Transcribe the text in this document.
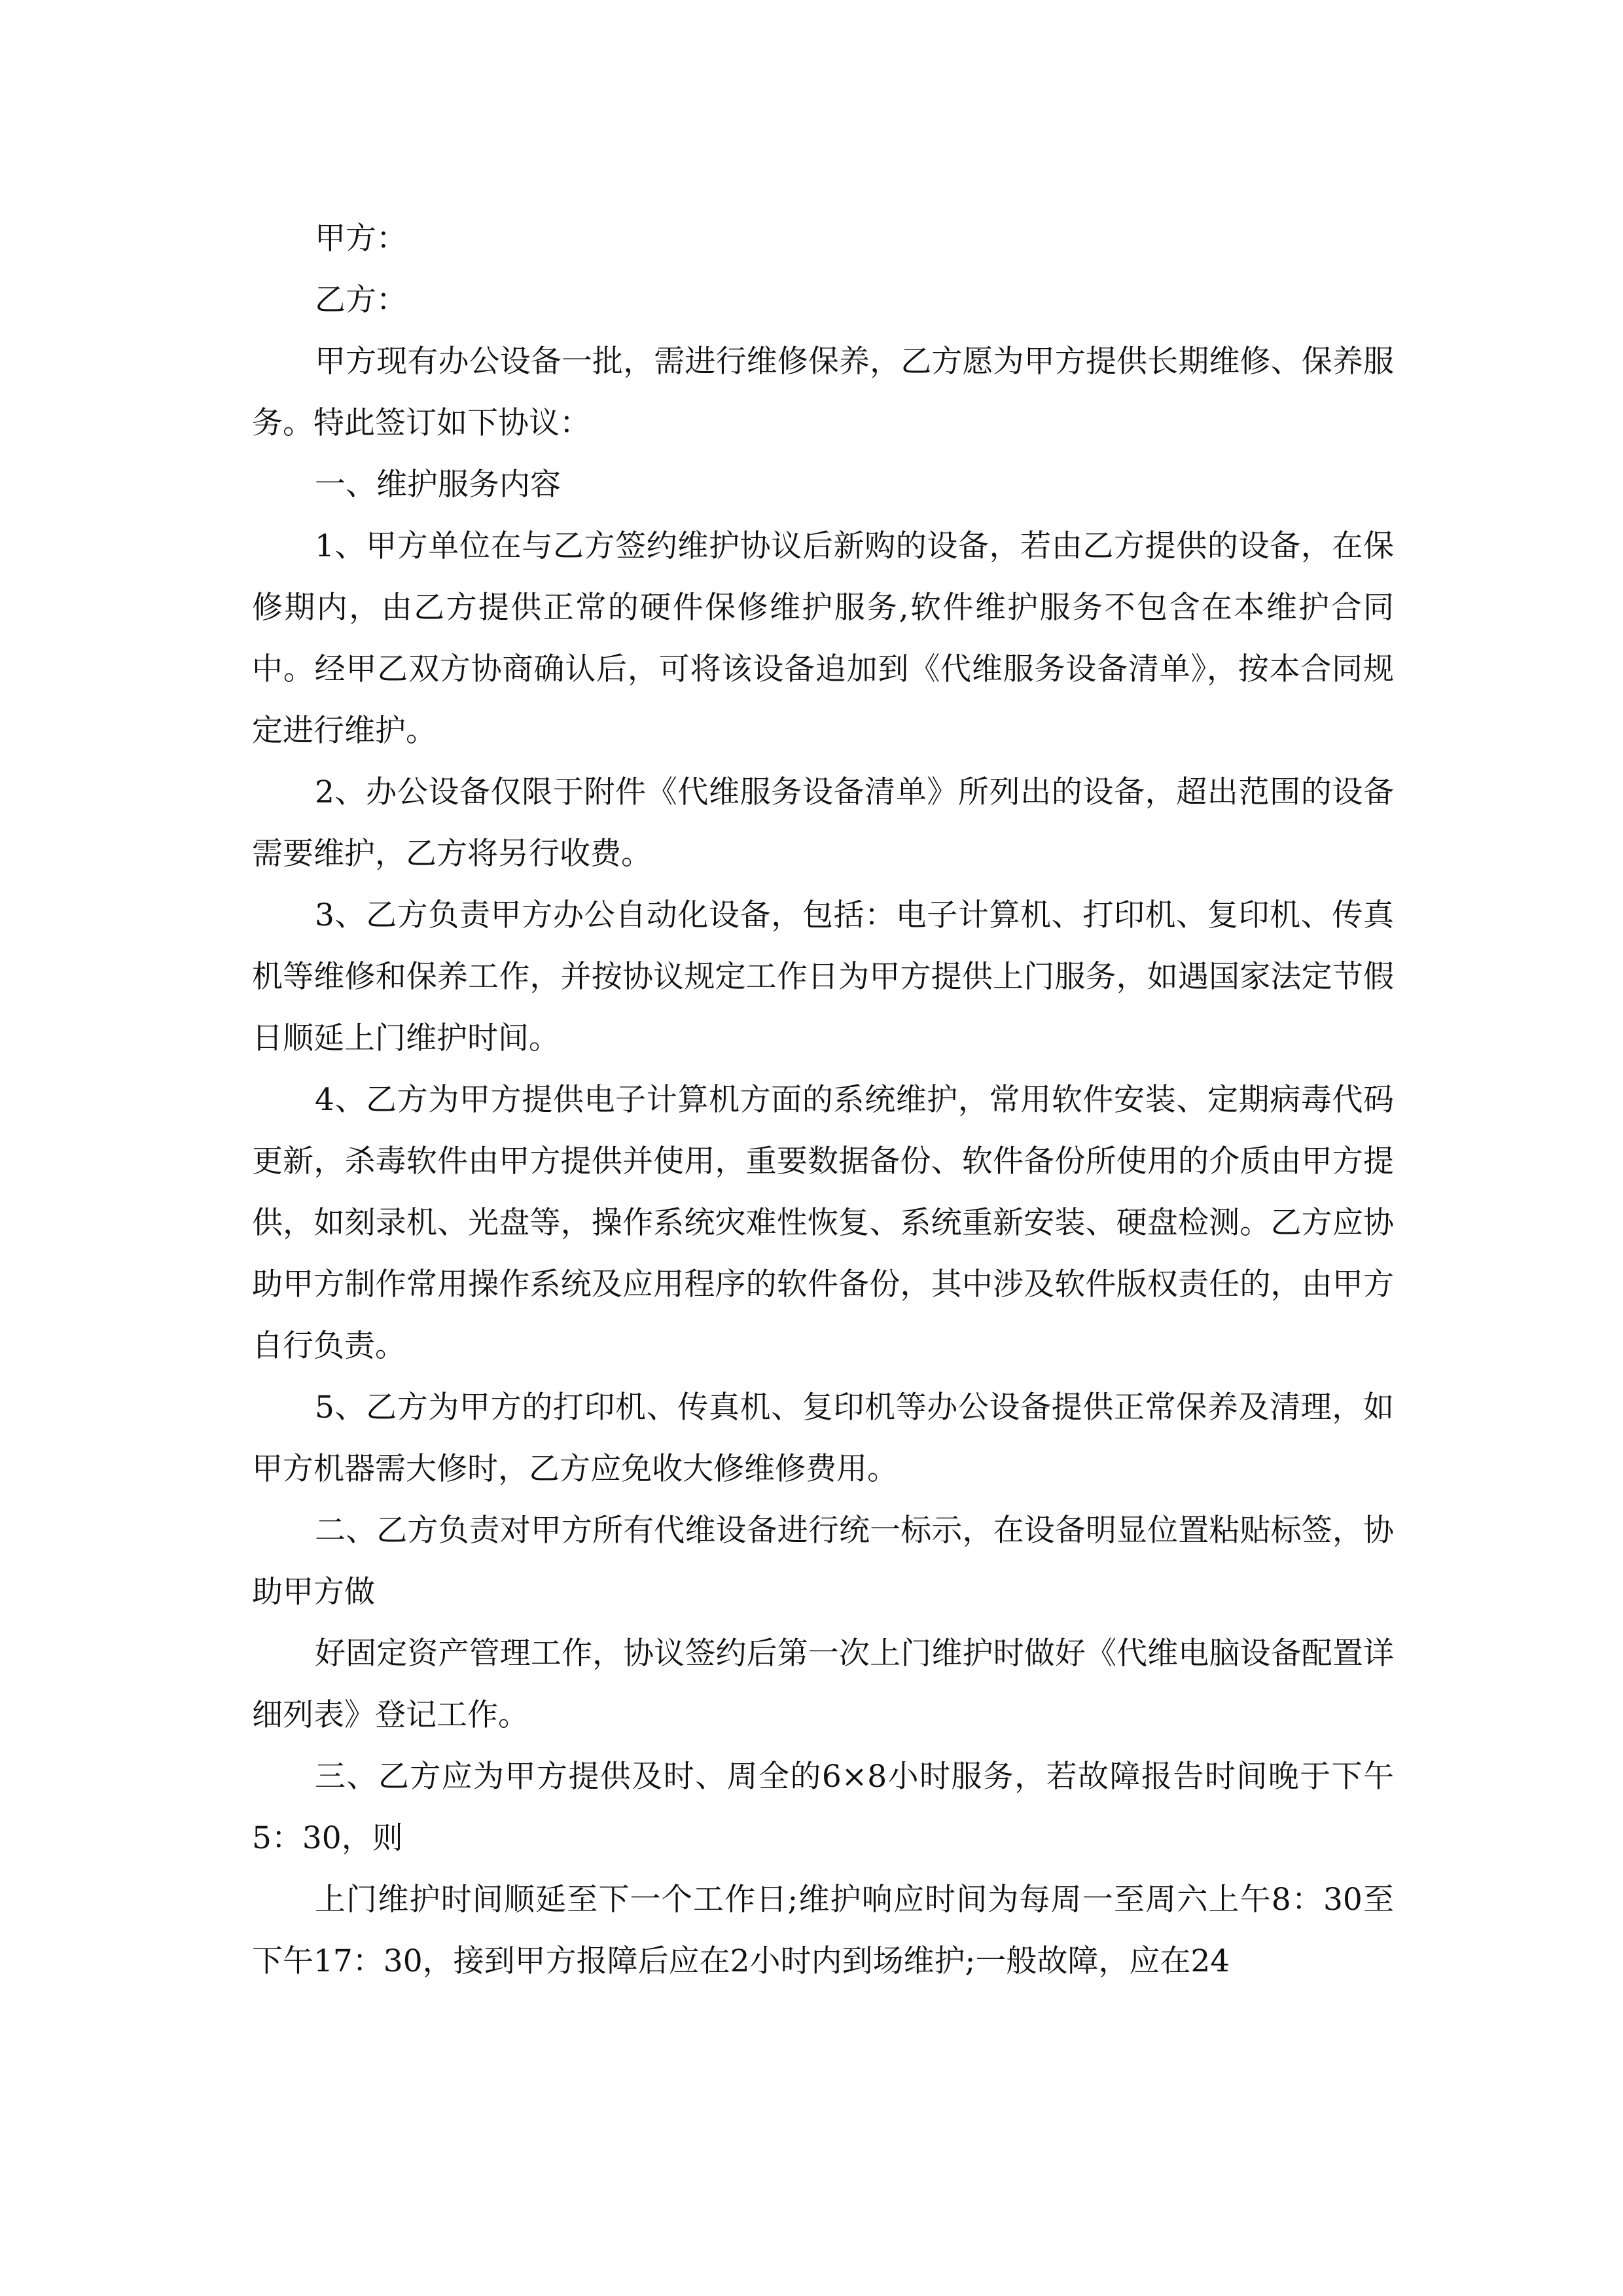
甲方：

乙方：

甲方现有办公设备一批，需进行维修保养，乙方愿为甲方提供长期维修、保养服务。特此签订如下协议：

一、维护服务内容

1、甲方单位在与乙方签约维护协议后新购的设备，若由乙方提供的设备，在保修期内，由乙方提供正常的硬件保修维护服务,软件维护服务不包含在本维护合同中。经甲乙双方协商确认后，可将该设备追加到《代维服务设备清单》，按本合同规定进行维护。

2、办公设备仅限于附件《代维服务设备清单》所列出的设备，超出范围的设备需要维护，乙方将另行收费。

3、乙方负责甲方办公自动化设备，包括：电子计算机、打印机、复印机、传真机等维修和保养工作，并按协议规定工作日为甲方提供上门服务，如遇国家法定节假日顺延上门维护时间。

4、乙方为甲方提供电子计算机方面的系统维护，常用软件安装、定期病毒代码更新，杀毒软件由甲方提供并使用，重要数据备份、软件备份所使用的介质由甲方提供，如刻录机、光盘等，操作系统灾难性恢复、系统重新安装、硬盘检测。乙方应协助甲方制作常用操作系统及应用程序的软件备份，其中涉及软件版权责任的，由甲方自行负责。

5、乙方为甲方的打印机、传真机、复印机等办公设备提供正常保养及清理，如甲方机器需大修时，乙方应免收大修维修费用。

二、乙方负责对甲方所有代维设备进行统一标示，在设备明显位置粘贴标签，协助甲方做

好固定资产管理工作，协议签约后第一次上门维护时做好《代维电脑设备配置详细列表》登记工作。

三、乙方应为甲方提供及时、周全的6×8小时服务，若故障报告时间晚于下午5：30，则

上门维护时间顺延至下一个工作日;维护响应时间为每周一至周六上午8：30至下午17：30，接到甲方报障后应在2小时内到场维护;一般故障，应在24
